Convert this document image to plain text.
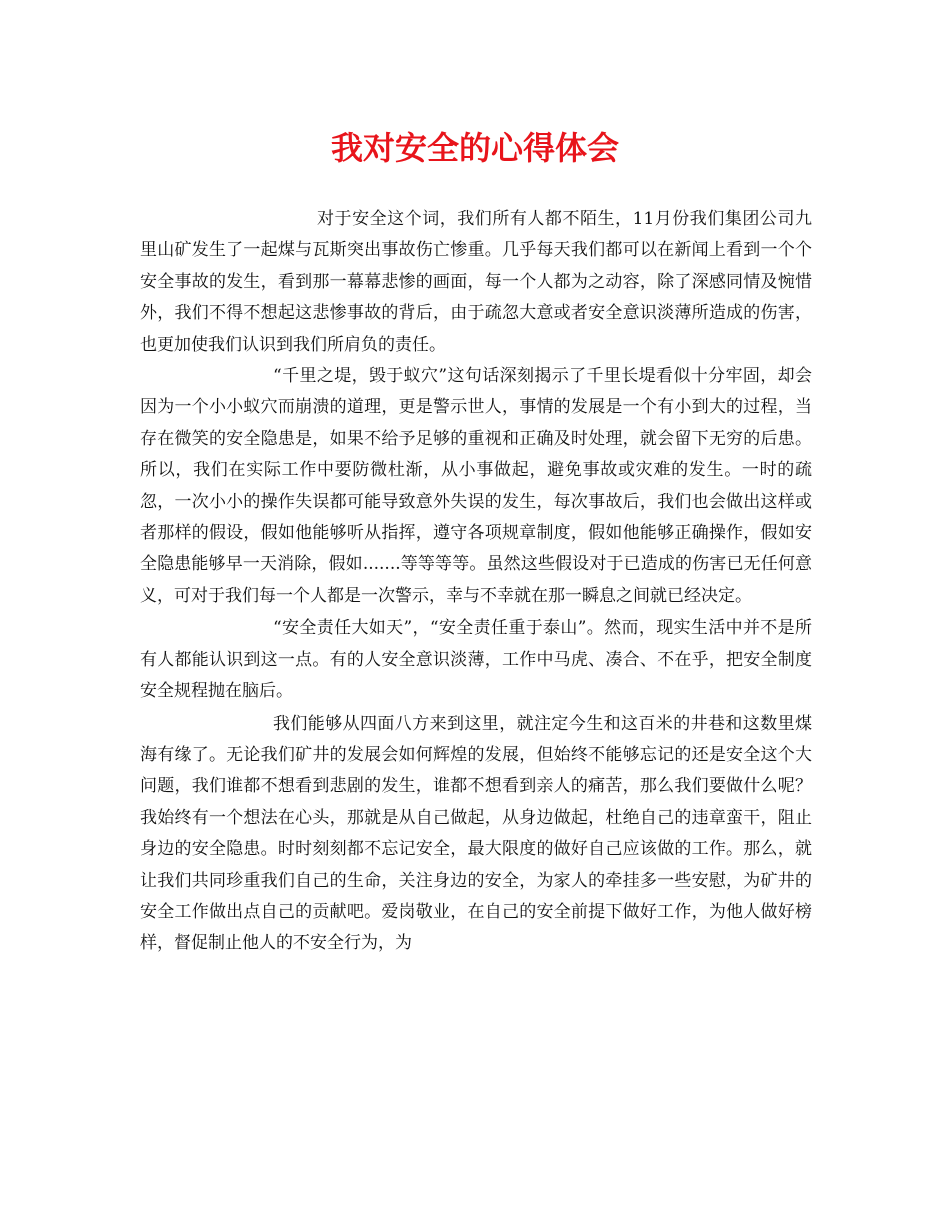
我对安全的心得体会

对于安全这个词，我们所有人都不陌生，11月份我们集团公司九里山矿发生了一起煤与瓦斯突出事故伤亡惨重。几乎每天我们都可以在新闻上看到一个个安全事故的发生，看到那一幕幕悲惨的画面，每一个人都为之动容，除了深感同情及惋惜外，我们不得不想起这悲惨事故的背后，由于疏忽大意或者安全意识淡薄所造成的伤害，也更加使我们认识到我们所肩负的责任。

“千里之堤，毁于蚁穴”这句话深刻揭示了千里长堤看似十分牢固，却会因为一个小小蚁穴而崩溃的道理，更是警示世人，事情的发展是一个有小到大的过程，当存在微笑的安全隐患是，如果不给予足够的重视和正确及时处理，就会留下无穷的后患。所以，我们在实际工作中要防微杜渐，从小事做起，避免事故或灾难的发生。一时的疏忽，一次小小的操作失误都可能导致意外失误的发生，每次事故后，我们也会做出这样或者那样的假设，假如他能够听从指挥，遵守各项规章制度，假如他能够正确操作，假如安全隐患能够早一天消除，假如.......等等等等。虽然这些假设对于已造成的伤害已无任何意义，可对于我们每一个人都是一次警示，幸与不幸就在那一瞬息之间就已经决定。

“安全责任大如天”，“安全责任重于泰山”。然而，现实生活中并不是所有人都能认识到这一点。有的人安全意识淡薄，工作中马虎、凑合、不在乎，把安全制度安全规程抛在脑后。

我们能够从四面八方来到这里，就注定今生和这百米的井巷和这数里煤海有缘了。无论我们矿井的发展会如何辉煌的发展，但始终不能够忘记的还是安全这个大问题，我们谁都不想看到悲剧的发生，谁都不想看到亲人的痛苦，那么我们要做什么呢？我始终有一个想法在心头，那就是从自己做起，从身边做起，杜绝自己的违章蛮干，阻止身边的安全隐患。时时刻刻都不忘记安全，最大限度的做好自己应该做的工作。那么，就让我们共同珍重我们自己的生命，关注身边的安全，为家人的牵挂多一些安慰，为矿井的安全工作做出点自己的贡献吧。爱岗敬业，在自己的安全前提下做好工作，为他人做好榜样，督促制止他人的不安全行为，为
